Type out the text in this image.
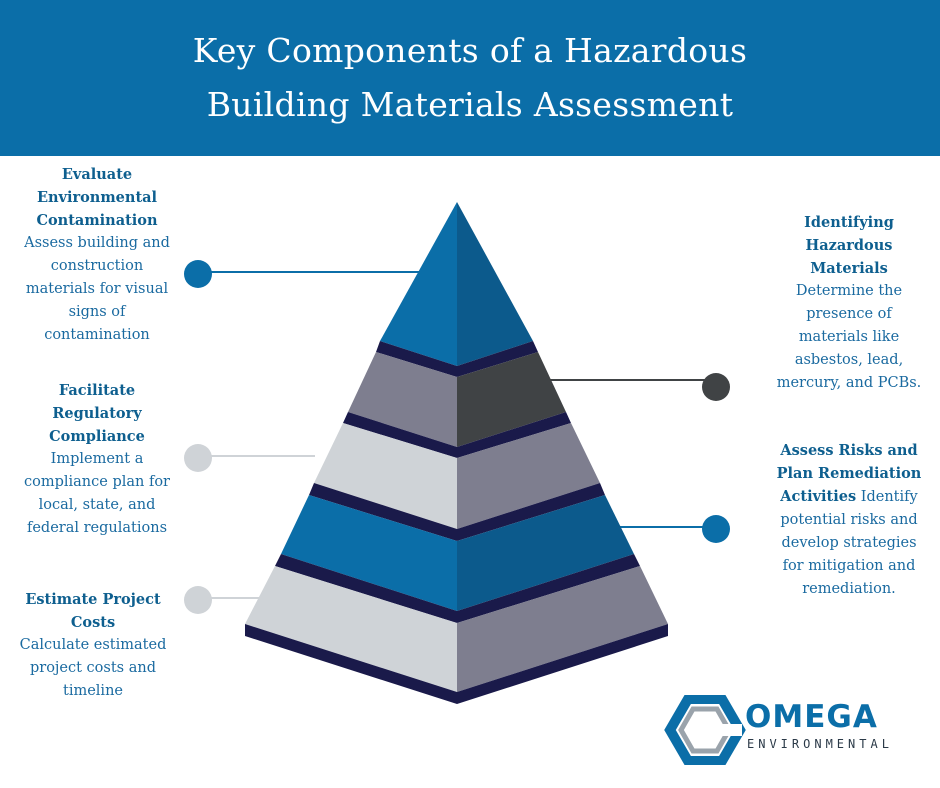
Key Components of a Hazardous
Building Materials Assessment
Evaluate
Environmental
Contamination
Assess building and
construction
materials for visual
signs of
contamination
Identifying
Hazardous
Materials
Determine the
presence of
materials like
asbestos, lead,
mercury, and PCBs.
Facilitate
Regulatory
Compliance
Implement a
compliance plan for
local, state, and
federal regulations
Assess Risks and
Plan Remediation
Activities Identify
potential risks and
develop strategies
for mitigation and
remediation.
Estimate Project
Costs
Calculate estimated
project costs and
timeline
OMEGA
ENVIRONMENTAL
